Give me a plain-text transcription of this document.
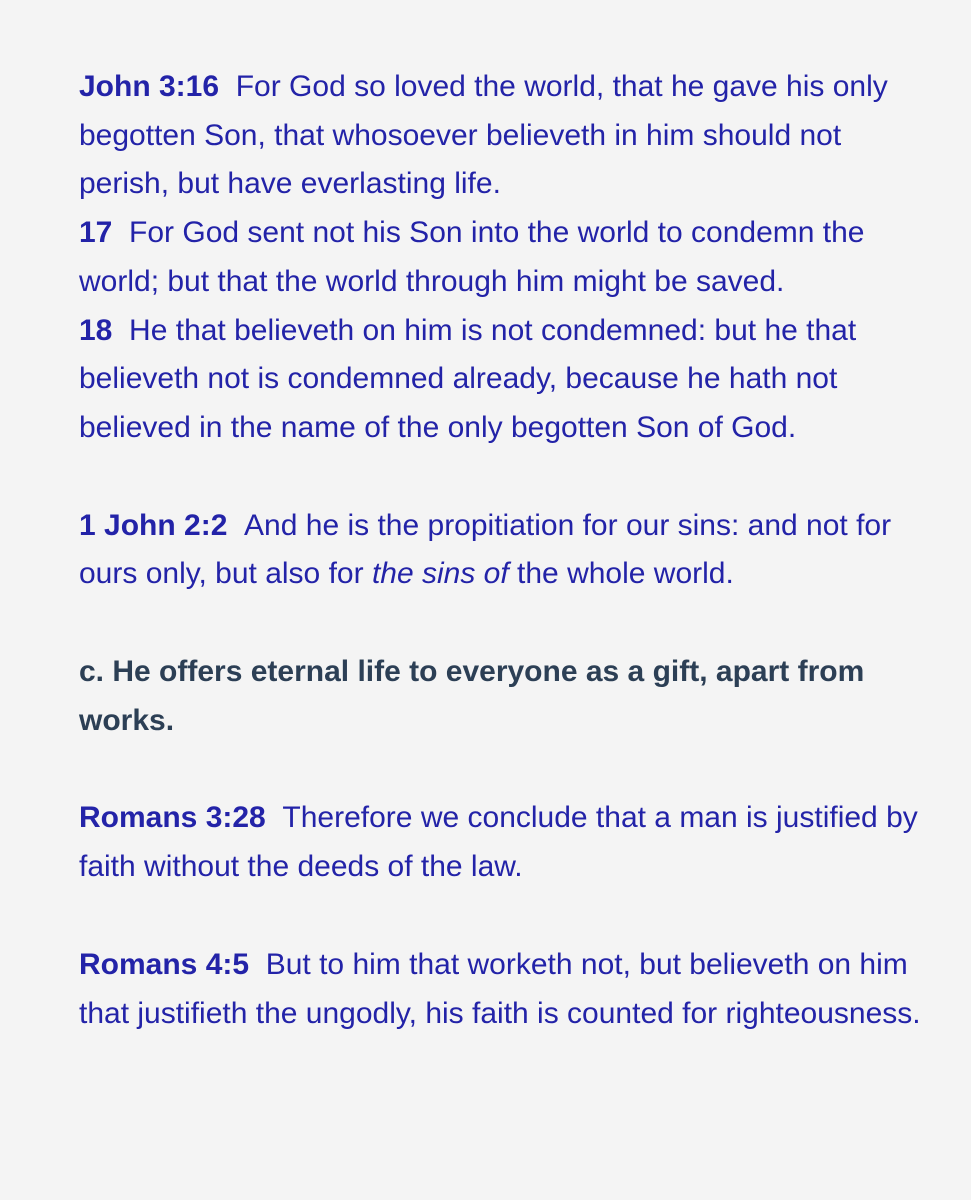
John 3:16 For God so loved the world, that he gave his only begotten Son, that whosoever believeth in him should not perish, but have everlasting life.

17 For God sent not his Son into the world to condemn the world; but that the world through him might be saved.

18 He that believeth on him is not condemned: but he that believeth not is condemned already, because he hath not believed in the name of the only begotten Son of God.

1 John 2:2 And he is the propitiation for our sins: and not for ours only, but also for the sins of the whole world.

c. He offers eternal life to everyone as a gift, apart from works.

Romans 3:28 Therefore we conclude that a man is justified by faith without the deeds of the law.

Romans 4:5 But to him that worketh not, but believeth on him that justifieth the ungodly, his faith is counted for righteousness.
